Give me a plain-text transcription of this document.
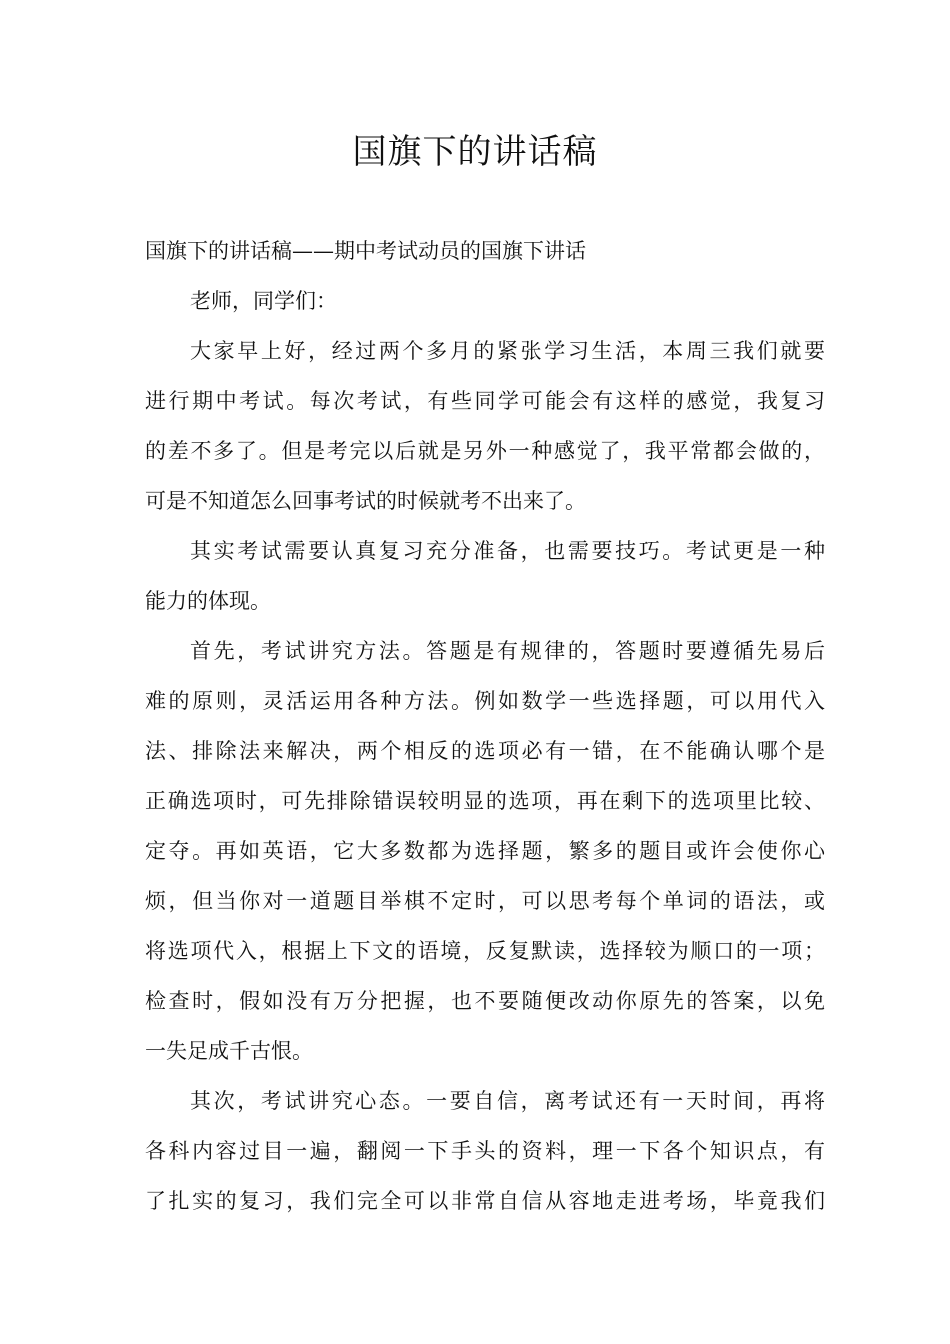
国旗下的讲话稿
国旗下的讲话稿——期中考试动员的国旗下讲话
老师，同学们：
大家早上好，经过两个多月的紧张学习生活，本周三我们就要
进行期中考试。每次考试，有些同学可能会有这样的感觉，我复习
的差不多了。但是考完以后就是另外一种感觉了，我平常都会做的，
可是不知道怎么回事考试的时候就考不出来了。
其实考试需要认真复习充分准备，也需要技巧。考试更是一种
能力的体现。
首先，考试讲究方法。答题是有规律的，答题时要遵循先易后
难的原则，灵活运用各种方法。例如数学一些选择题，可以用代入
法、排除法来解决，两个相反的选项必有一错，在不能确认哪个是
正确选项时，可先排除错误较明显的选项，再在剩下的选项里比较、
定夺。再如英语，它大多数都为选择题，繁多的题目或许会使你心
烦，但当你对一道题目举棋不定时，可以思考每个单词的语法，或
将选项代入，根据上下文的语境，反复默读，选择较为顺口的一项；
检查时，假如没有万分把握，也不要随便改动你原先的答案，以免
一失足成千古恨。
其次，考试讲究心态。一要自信，离考试还有一天时间，再将
各科内容过目一遍，翻阅一下手头的资料，理一下各个知识点，有
了扎实的复习，我们完全可以非常自信从容地走进考场，毕竟我们
